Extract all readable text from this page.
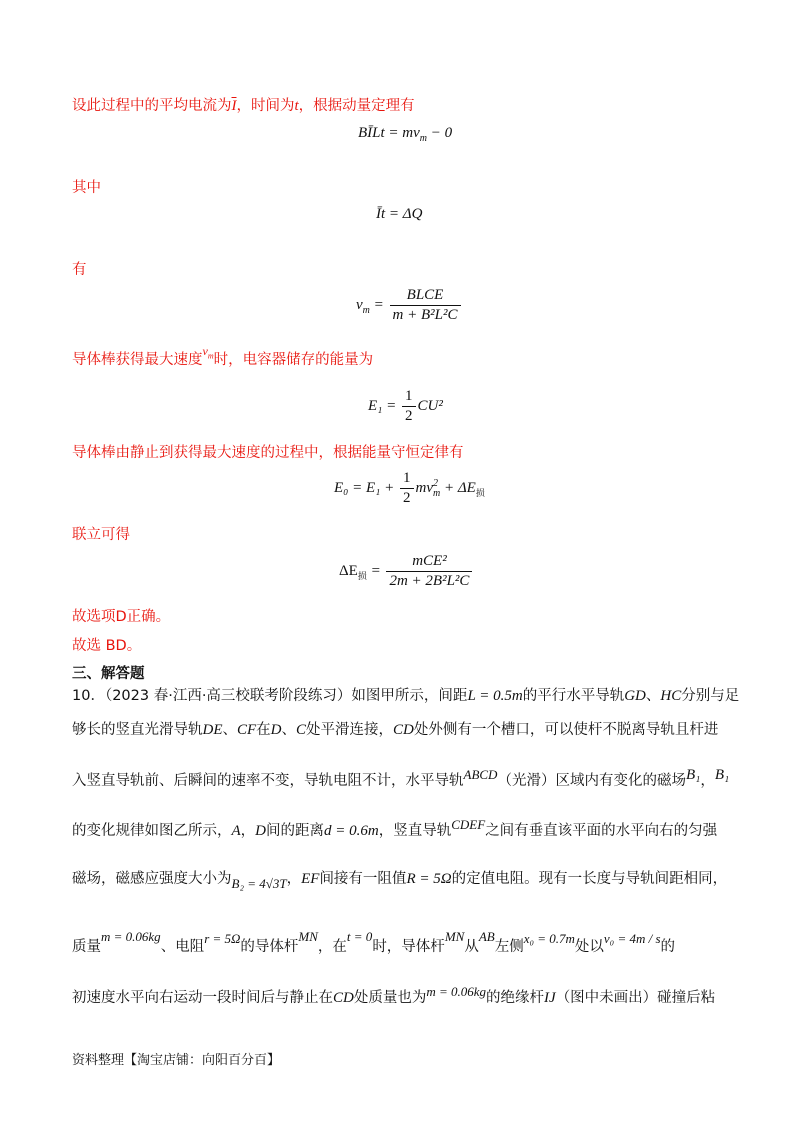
设此过程中的平均电流为$\overline{I}$，时间为t，根据动量定理有
BĪLt = $mv_m - 0$
其中
Īt = ΔQ
有
$v_m = \frac{\text{BLCE}}{\text{m + B²L²C}}$
导体棒获得最大速度$^{v_m}$时，电容器储存的能量为
$E_1 = \frac{1}{2} CU^2$
导体棒由静止到获得最大速度的过程中，根据能量守恒定律有
$E_0 = E_1 + \frac{1}{2}$ mv 2
$m + \Delta E_损$
联立可得
$\Delta E_损 = \frac{\text{mCE²}}{\text{2m + 2B²L²C}}$
故选项D正确。
故选 BD。
三、解答题
10．（2023 春·江西·高三校联考阶段练习）如图甲所示，间距L = 0.5m的平行水平导轨GD、HC分别与足
够长的竖直光滑导轨DE、CF在D、C处平滑连接，CD处外侧有一个槽口，可以使杆不脱离导轨且杆进
入竖直导轨前、后瞬间的速率不变，导轨电阻不计，水平导轨ABCD（光滑）区域内有变化的磁场B₁，B₁
的变化规律如图乙所示，A，D间的距离d = 0.6m，竖直导轨CDEF之间有垂直该平面的水平向右的匀强
磁场，磁感应强度大小为B₂ = 4√3T，EF间接有一阻值R = 5Ω的定值电阻。现有一长度与导轨间距相同，
质量m = 0.06kg、电阻r = 5Ω的导体杆MN，在t = 0时，导体杆MN从AB左侧x₀ = 0.7m处以v₀ = 4m / s的
初速度水平向右运动一段时间后与静止在CD处质量也为m = 0.06kg的绝缘杆IJ（图中未画出）碰撞后粘
资料整理【淘宝店铺：向阳百分百】
